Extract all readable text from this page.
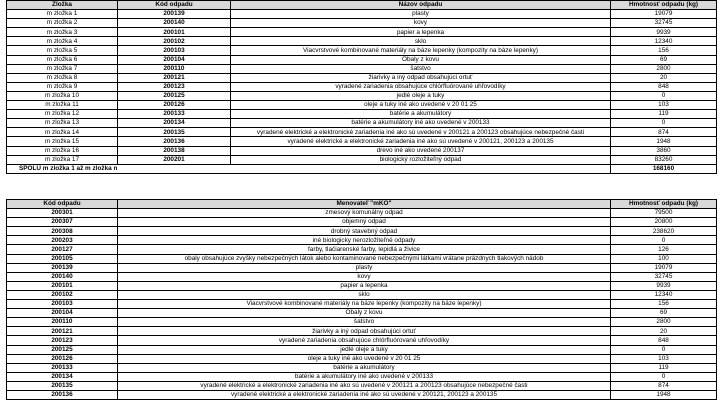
Zložka	Kód odpadu	Názov odpadu	Hmotnosť odpadu (kg)
m zložka 1	200139	plasty	19079
m zložka 2	200140	kovy	32745
m zložka 3	200101	papier a lepenka	9939
m zložka 4	200102	sklo	12340
m zložka 5	200103	Viacvrstvové kombinované materiály na báze lepenky (kompozity na báze lepenky)	156
m zložka 6	200104	Obaly z kovu	69
m zložka 7	200110	šatstvo	2800
m zložka 8	200121	žiarivky a iný odpad obsahujúci ortuť	20
m zložka 9	200123	vyradené zariadenia obsahujúce chlórfluórované uhľovodíky	848
m zložka 10	200125	jedlé oleje a tuky	0
m zložka 11	200126	oleje a tuky iné ako uvedené v 20 01 25	103
m zložka 12	200133	batérie a akumulátory	119
m zložka 13	200134	batérie a akumulátory iné ako uvedené v 200133	0
m zložka 14	200135	vyradené elektrické a elektronické zariadenia iné ako sú uvedené v 200121 a 200123 obsahujúce nebezpečné časti	874
m zložka 15	200136	vyradené elektrické a elektronické zariadenia iné ako sú uvedené v 200121, 200123 a 200135	1948
m zložka 16	200138	drevo iné ako uvedené 200137	3860
m zložka 17	200201	biologický rozložiteľný odpad	83260
SPOLU m zložka 1 až m zložka n			168160
Kód odpadu	Menovateľ "mKO"	Hmotnosť odpadu (kg)
200301	zmesový komunálny odpad	79500
200307	objemný odpad	20800
200308	drobný stavebný odpad	238620
200203	iné biologicky nerozložiteľné odpady	0
200127	farby, tlačiarenské farby, lepidlá a živice	126
200105	obaly obsahujúce zvyšky nebezpečných látok alebo kontaminované nebezpečnými látkami vrátane prázdnych tlakových nádob	100
200139	plasty	19079
200140	kovy	32745
200101	papier a lepenka	9939
200102	sklo	12340
200103	Viacvrstvové kombinované materiály na báze lepenky (kompozity na báze lepenky)	156
200104	Obaly z kovu	69
200110	šatstvo	2800
200121	žiarivky a iný odpad obsahujúci ortuť	20
200123	vyradené zariadenia obsahujúce chlórfluórované uhľovodíky	848
200125	jedlé oleje a tuky	0
200126	oleje a tuky iné ako uvedené v 20 01 25	103
200133	batérie a akumulátory	119
200134	batérie a akumulátory iné ako uvedené v 200133	0
200135	vyradené elektrické a elektronické zariadenia iné ako sú uvedené v 200121 a 200123 obsahujúce nebezpečné časti	874
200136	vyradené elektrické a elektronické zariadenia iné ako sú uvedené v 200121, 200123 a 200135	1948
